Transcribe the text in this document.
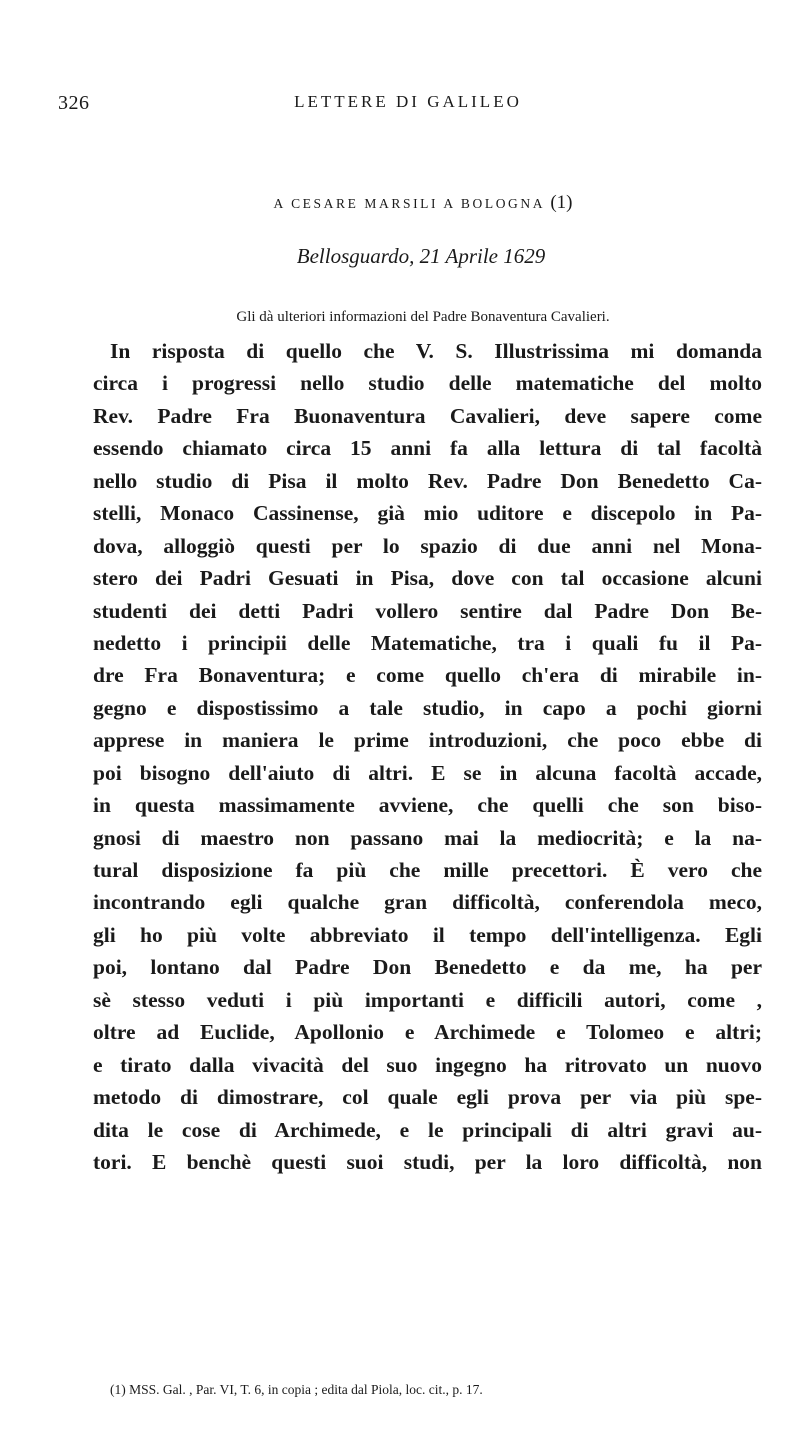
326	LETTERE DI GALILEO
A CESARE MARSILI A BOLOGNA (1)
Bellosguardo, 21 Aprile 1629
Gli dà ulteriori informazioni del Padre Bonaventura Cavalieri.
In risposta di quello che V. S. Illustrissima mi domanda
circa i progressi nello studio delle matematiche del molto
Rev. Padre Fra Buonaventura Cavalieri, deve sapere come
essendo chiamato circa 15 anni fa alla lettura di tal facoltà
nello studio di Pisa il molto Rev. Padre Don Benedetto Ca-
stelli, Monaco Cassinense, già mio uditore e discepolo in Pa-
dova, alloggiò questi per lo spazio di due anni nel Mona-
stero dei Padri Gesuati in Pisa, dove con tal occasione alcuni
studenti dei detti Padri vollero sentire dal Padre Don Be-
nedetto i principii delle Matematiche, tra i quali fu il Pa-
dre Fra Bonaventura; e come quello ch'era di mirabile in-
gegno e dispostissimo a tale studio, in capo a pochi giorni
apprese in maniera le prime introduzioni, che poco ebbe di
poi bisogno dell'aiuto di altri. E se in alcuna facoltà accade,
in questa massimamente avviene, che quelli che son biso-
gnosi di maestro non passano mai la mediocrità; e la na-
tural disposizione fa più che mille precettori. È vero che
incontrando egli qualche gran difficoltà, conferendola meco,
gli ho più volte abbreviato il tempo dell'intelligenza. Egli
poi, lontano dal Padre Don Benedetto e da me, ha per
sè stesso veduti i più importanti e difficili autori, come ,
oltre ad Euclide, Apollonio e Archimede e Tolomeo e altri;
e tirato dalla vivacità del suo ingegno ha ritrovato un nuovo
metodo di dimostrare, col quale egli prova per via più spe-
dita le cose di Archimede, e le principali di altri gravi au-
tori. E benchè questi suoi studi, per la loro difficoltà, non
(1) MSS. Gal. , Par. VI, T. 6, in copia ; edita dal Piola, loc. cit., p. 17.
